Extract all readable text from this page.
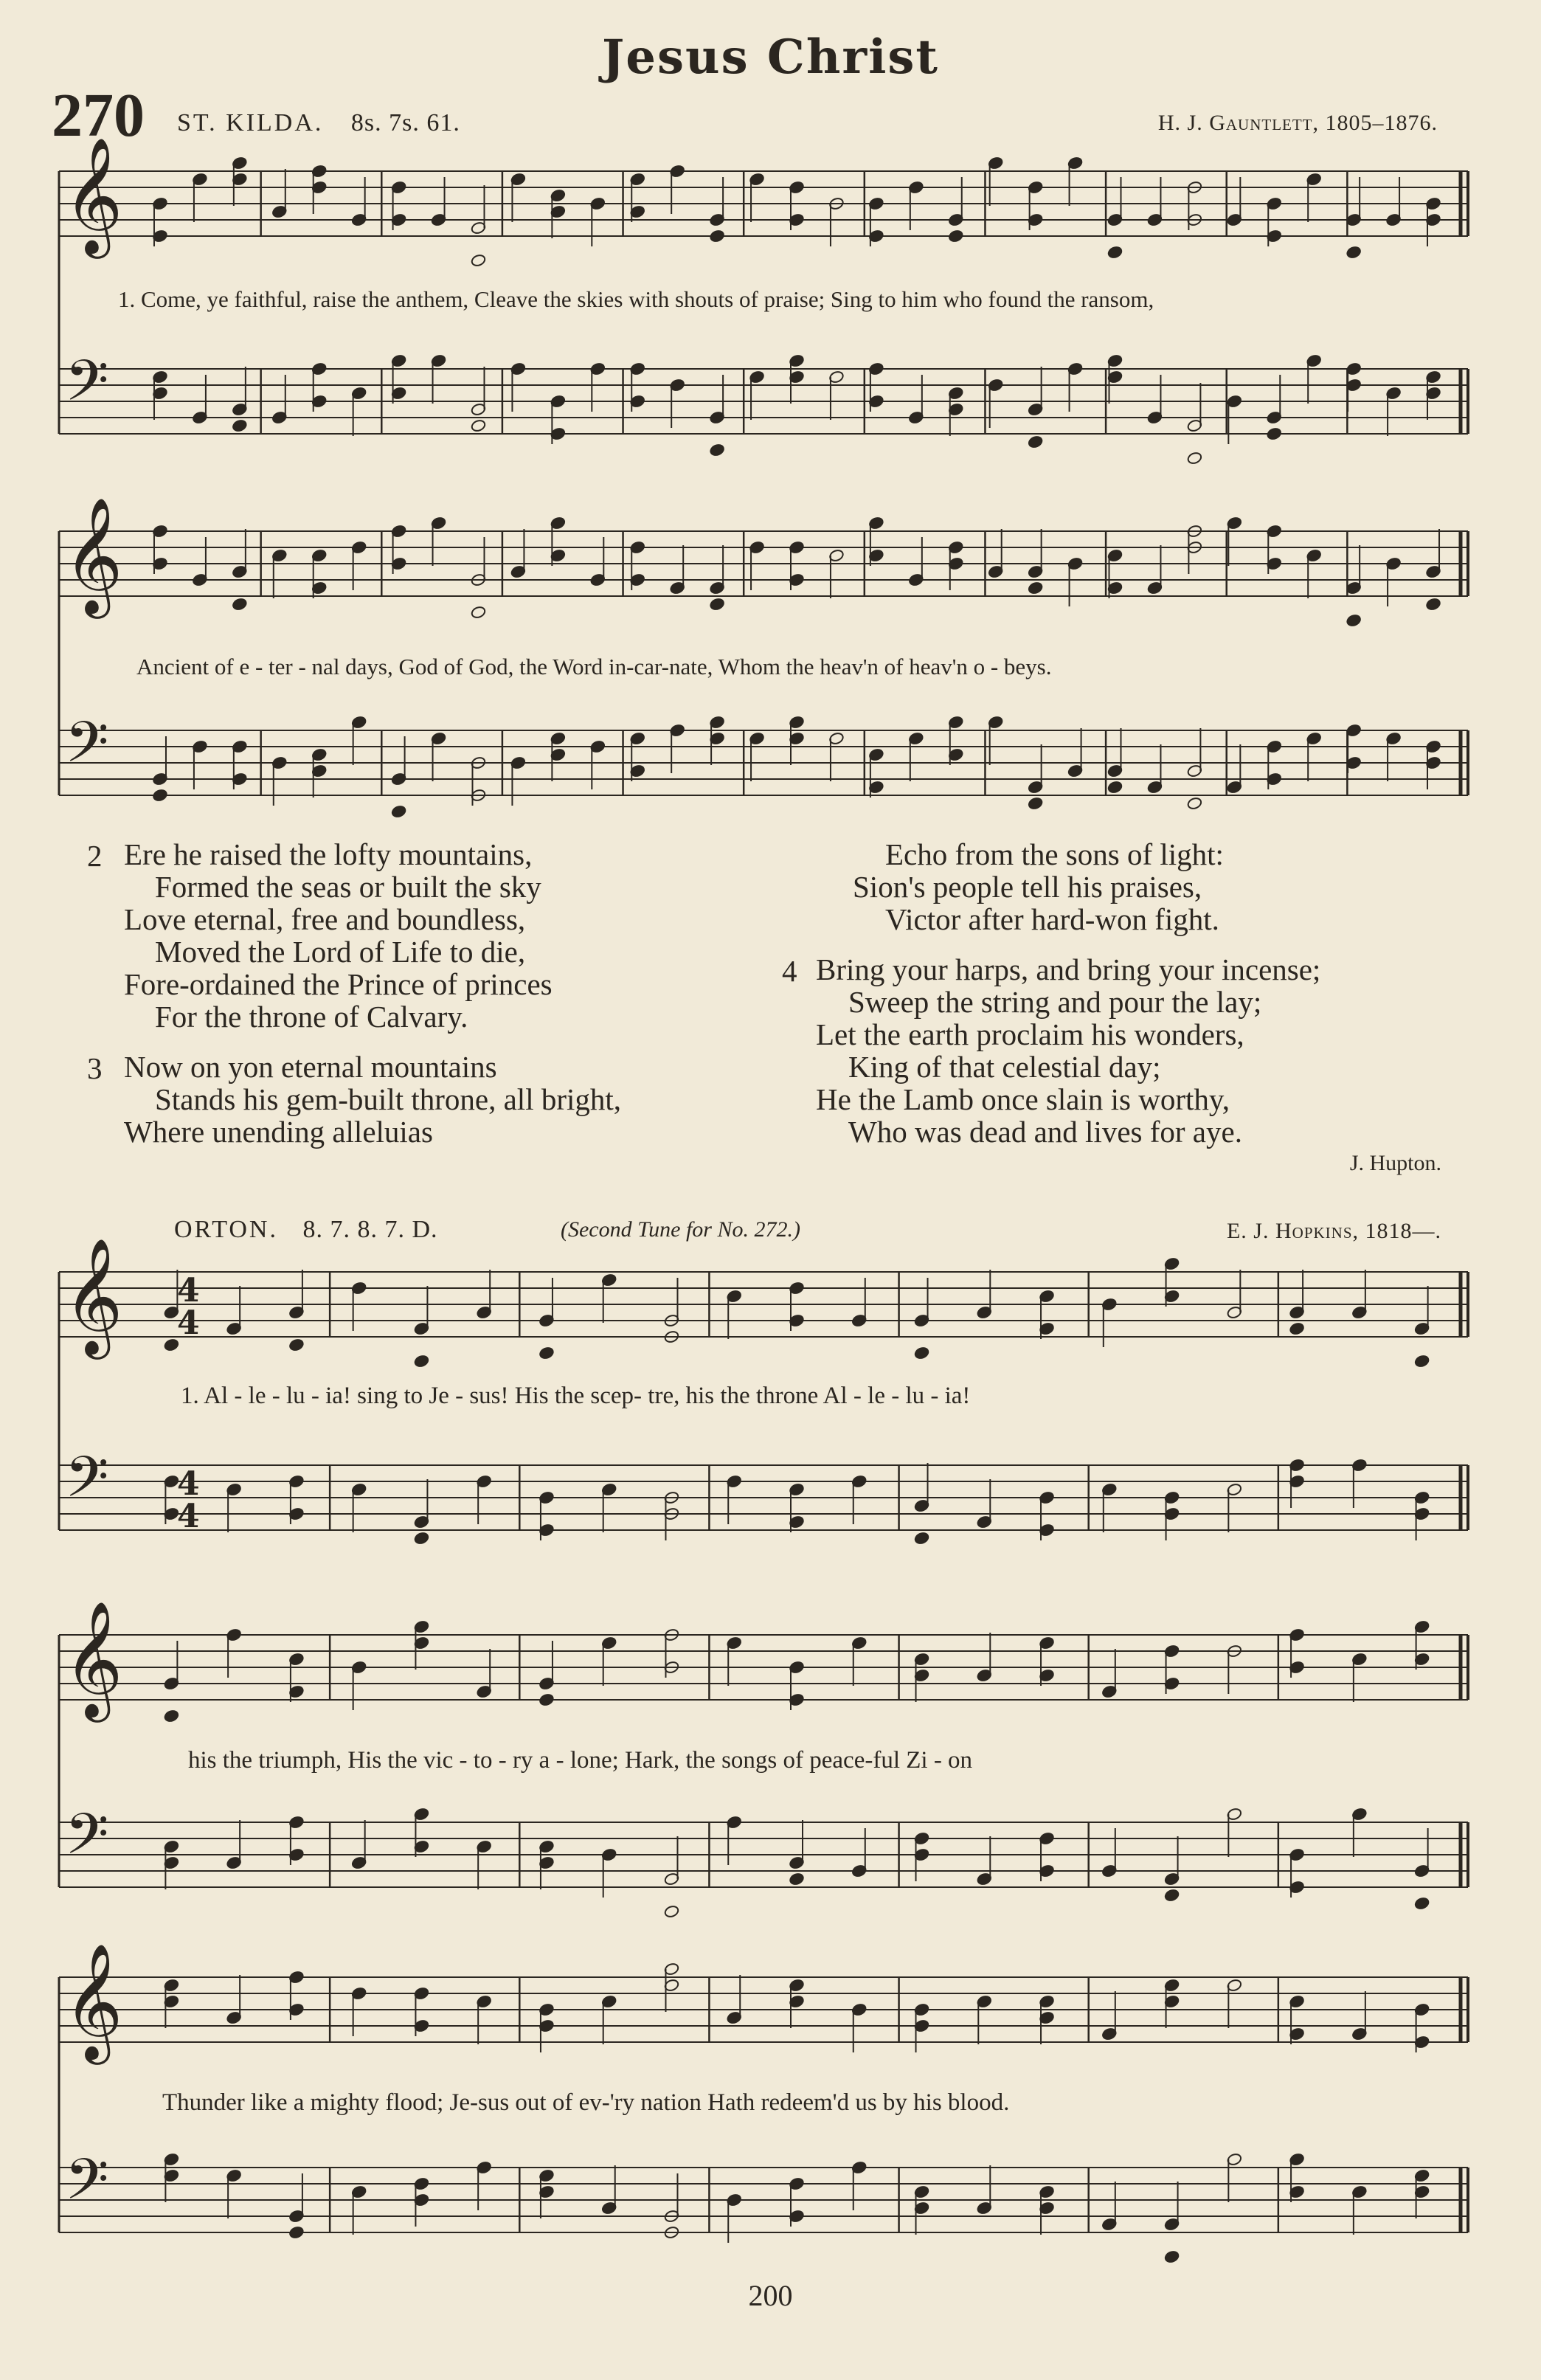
Jesus Christ
270 ST. KILDA. 8s. 7s. 61.	H. J. Gauntlett, 1805–1876.
𝄞
𝄢
𝄞
𝄢
𝄞
𝄢
𝄞
𝄢
𝄞
𝄢
4
4
4
4
1. Come, ye faithful, raise the anthem, Cleave the skies with shouts of praise; Sing to him who found the ransom,
Ancient of e - ter - nal days, God of God, the Word in-car-nate, Whom the heav'n of heav'n o - beys.
2 Ere he raised the lofty mountains,
Formed the seas or built the sky
Love eternal, free and boundless,
Moved the Lord of Life to die,
Fore-ordained the Prince of princes
For the throne of Calvary.
3 Now on yon eternal mountains
Stands his gem-built throne, all bright,
Where unending alleluias
Echo from the sons of light:
Sion's people tell his praises,
Victor after hard-won fight.
4 Bring your harps, and bring your incense;
Sweep the string and pour the lay;
Let the earth proclaim his wonders,
King of that celestial day;
He the Lamb once slain is worthy,
Who was dead and lives for aye.
J. Hupton.
ORTON. 8. 7. 8. 7. D.	(Second Tune for No. 272.)	E. J. Hopkins, 1818—.
1. Al - le - lu - ia! sing to Je - sus! His the scep- tre, his the throne Al - le - lu - ia!
his the triumph, His the vic - to - ry a - lone; Hark, the songs of peace-ful Zi - on
Thunder like a mighty flood; Je-sus out of ev-'ry nation Hath redeem'd us by his blood.
200
